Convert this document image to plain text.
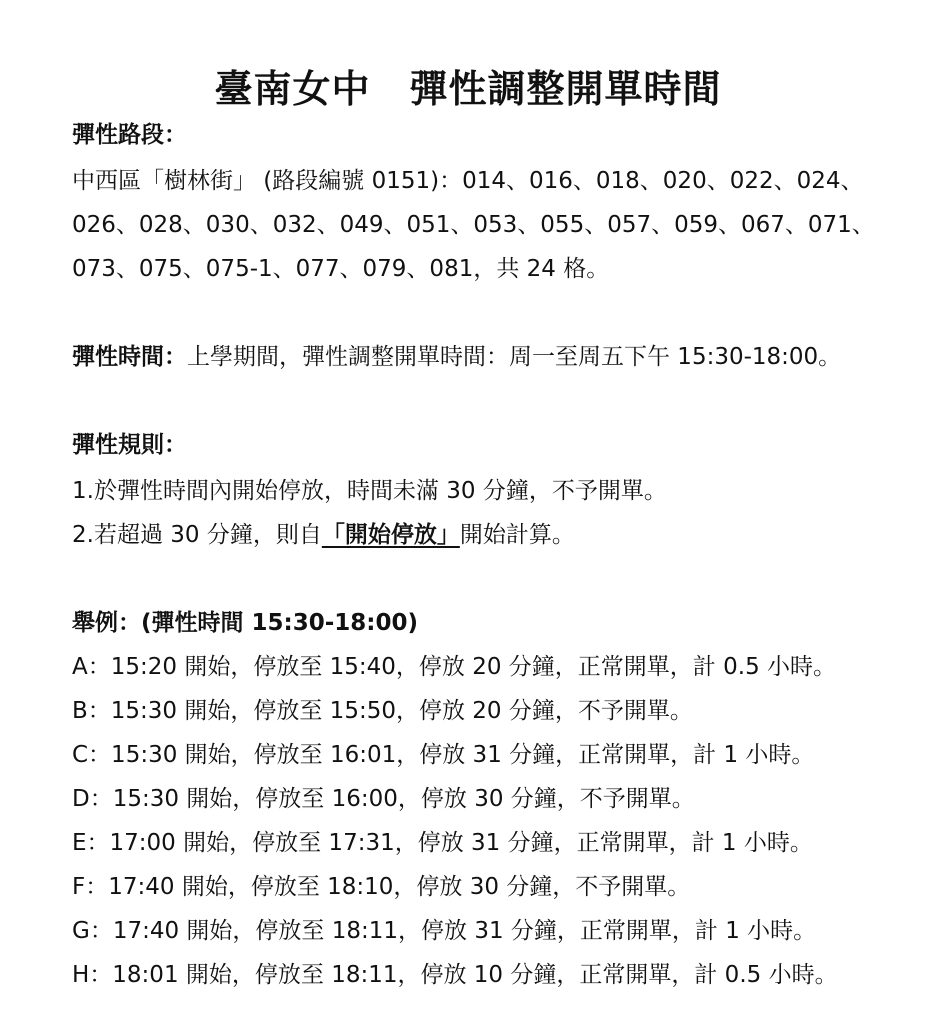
臺南女中　彈性調整開單時間
彈性路段：
中西區「樹林街」 (路段編號 0151)：014、016、018、020、022、024、
026、028、030、032、049、051、053、055、057、059、067、071、
073、075、075-1、077、079、081，共 24 格。
彈性時間：上學期間，彈性調整開單時間：周一至周五下午 15:30-18:00。
彈性規則：
1.於彈性時間內開始停放，時間未滿 30 分鐘，不予開單。
2.若超過 30 分鐘，則自「開始停放」開始計算。
舉例：(彈性時間 15:30-18:00)
A：15:20 開始，停放至 15:40，停放 20 分鐘，正常開單，計 0.5 小時。
B：15:30 開始，停放至 15:50，停放 20 分鐘，不予開單。
C：15:30 開始，停放至 16:01，停放 31 分鐘，正常開單，計 1 小時。
D：15:30 開始，停放至 16:00，停放 30 分鐘，不予開單。
E：17:00 開始，停放至 17:31，停放 31 分鐘，正常開單，計 1 小時。
F：17:40 開始，停放至 18:10，停放 30 分鐘，不予開單。
G：17:40 開始，停放至 18:11，停放 31 分鐘，正常開單，計 1 小時。
H：18:01 開始，停放至 18:11，停放 10 分鐘，正常開單，計 0.5 小時。
